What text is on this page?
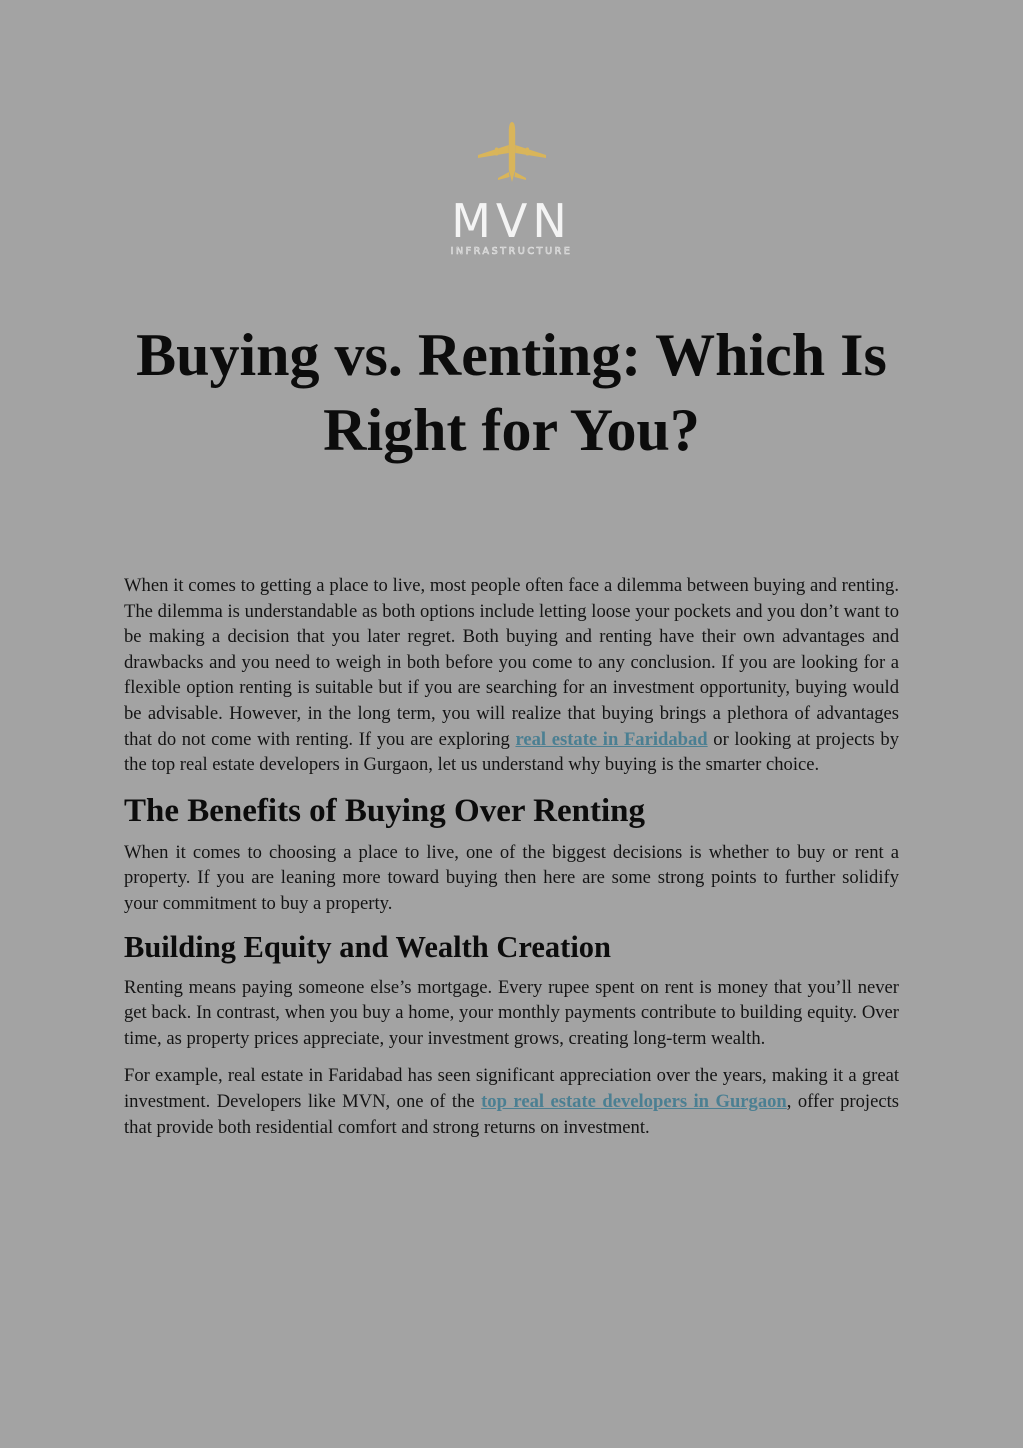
MVN
INFRASTRUCTURE
Buying vs. Renting: Which Is
Right for You?

When it comes to getting a place to live, most people often face a dilemma between buying and renting. The dilemma is understandable as both options include letting loose your pockets and you don’t want to be making a decision that you later regret. Both buying and renting have their own advantages and drawbacks and you need to weigh in both before you come to any conclusion. If you are looking for a flexible option renting is suitable but if you are searching for an investment opportunity, buying would be advisable. However, in the long term, you will realize that buying brings a plethora of advantages that do not come with renting. If you are exploring real estate in Faridabad or looking at projects by the top real estate developers in Gurgaon, let us understand why buying is the smarter choice.

The Benefits of Buying Over Renting

When it comes to choosing a place to live, one of the biggest decisions is whether to buy or rent a property. If you are leaning more toward buying then here are some strong points to further solidify your commitment to buy a property.

Building Equity and Wealth Creation

Renting means paying someone else’s mortgage. Every rupee spent on rent is money that you’ll never get back. In contrast, when you buy a home, your monthly payments contribute to building equity. Over time, as property prices appreciate, your investment grows, creating long-term wealth.

For example, real estate in Faridabad has seen significant appreciation over the years, making it a great investment. Developers like MVN, one of the top real estate developers in Gurgaon, offer projects that provide both residential comfort and strong returns on investment.
